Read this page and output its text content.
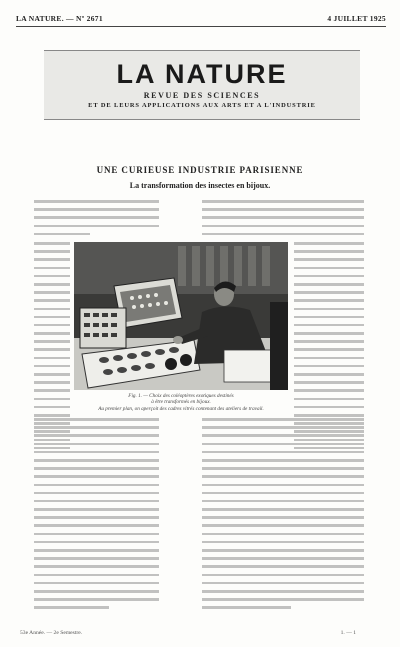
LA NATURE. — Nº 2671	4 JUILLET 1925
LA NATURE
REVUE DES SCIENCES
ET DE LEURS APPLICATIONS AUX ARTS ET A L'INDUSTRIE
UNE CURIEUSE INDUSTRIE PARISIENNE
La transformation des insectes en bijoux.
Fig. 1. — Choix des coléoptères exotiques destinés
à être transformés en bijoux.
Au premier plan, on aperçoit des cadres vitrés contenant des ateliers de travail.
53e Année. — 2e Semestre.	1. — 1
